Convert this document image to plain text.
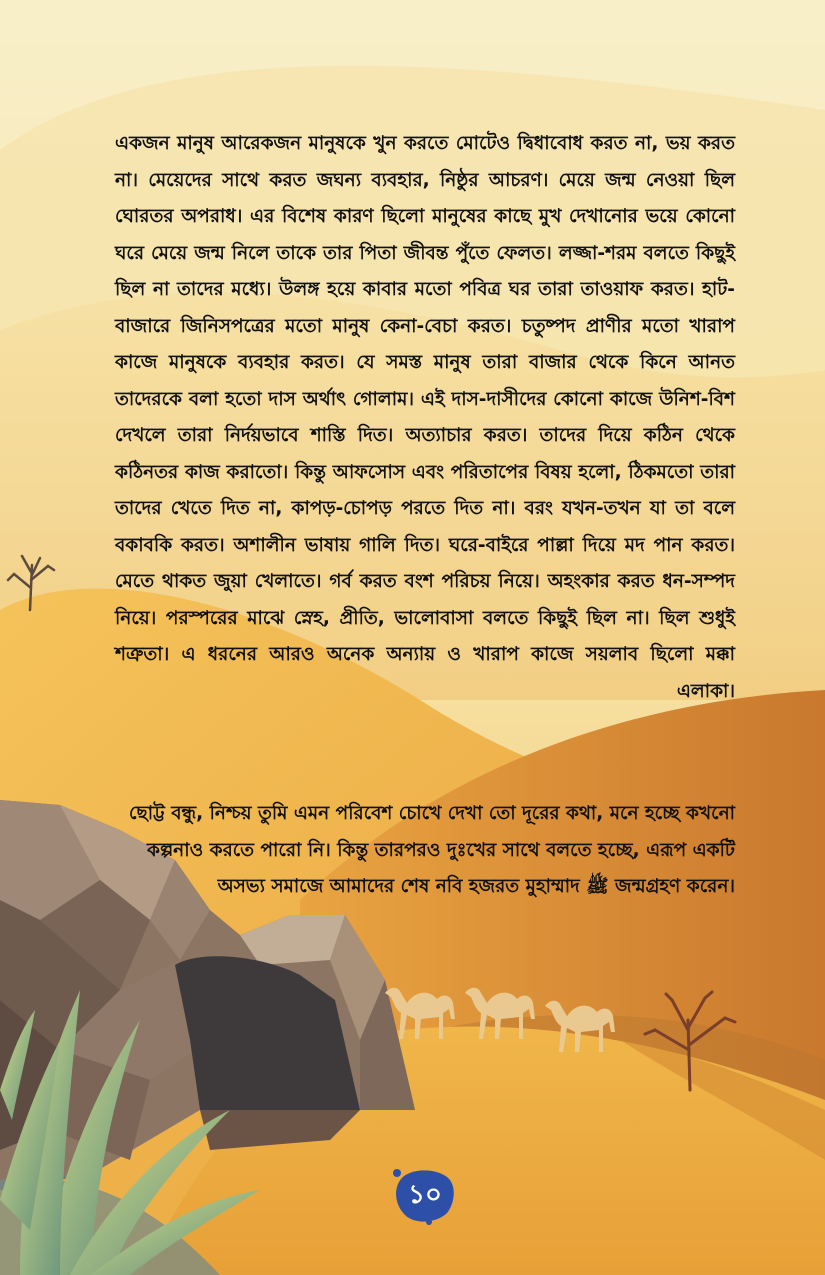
একজন মানুষ আরেকজন মানুষকে খুন করতে মোটেও দ্বিধাবোধ করত না, ভয় করত না। মেয়েদের সাথে করত জঘন্য ব্যবহার, নিষ্ঠুর আচরণ। মেয়ে জন্ম নেওয়া ছিল ঘোরতর অপরাধ। এর বিশেষ কারণ ছিলো মানুষের কাছে মুখ দেখানোর ভয়ে কোনো ঘরে মেয়ে জন্ম নিলে তাকে তার পিতা জীবন্ত পুঁতে ফেলত। লজ্জা-শরম বলতে কিছুই ছিল না তাদের মধ্যে। উলঙ্গ হয়ে কাবার মতো পবিত্র ঘর তারা তাওয়াফ করত। হাট-বাজারে জিনিসপত্রের মতো মানুষ কেনা-বেচা করত। চতুষ্পদ প্রাণীর মতো খারাপ কাজে মানুষকে ব্যবহার করত। যে সমস্ত মানুষ তারা বাজার থেকে কিনে আনত তাদেরকে বলা হতো দাস অর্থাৎ গোলাম। এই দাস-দাসীদের কোনো কাজে উনিশ-বিশ দেখলে তারা নির্দয়ভাবে শাস্তি দিত। অত্যাচার করত। তাদের দিয়ে কঠিন থেকে কঠিনতর কাজ করাতো। কিন্তু আফসোস এবং পরিতাপের বিষয় হলো, ঠিকমতো তারা তাদের খেতে দিত না, কাপড়-চোপড় পরতে দিত না। বরং যখন-তখন যা তা বলে বকাবকি করত। অশালীন ভাষায় গালি দিত। ঘরে-বাইরে পাল্লা দিয়ে মদ পান করত। মেতে থাকত জুয়া খেলাতে। গর্ব করত বংশ পরিচয় নিয়ে। অহংকার করত ধন-সম্পদ নিয়ে। পরস্পরের মাঝে স্নেহ, প্রীতি, ভালোবাসা বলতে কিছুই ছিল না। ছিল শুধুই শত্রুতা। এ ধরনের আরও অনেক অন্যায় ও খারাপ কাজে সয়লাব ছিলো মক্কা এলাকা।

ছোট্ট বন্ধু, নিশ্চয় তুমি এমন পরিবেশ চোখে দেখা তো দূরের কথা, মনে হচ্ছে কখনো কল্পনাও করতে পারো নি। কিন্তু তারপরও দুঃখের সাথে বলতে হচ্ছে, এরূপ একটি অসভ্য সমাজে আমাদের শেষ নবি হজরত মুহাম্মাদ ﷺ জন্মগ্রহণ করেন।

১০
